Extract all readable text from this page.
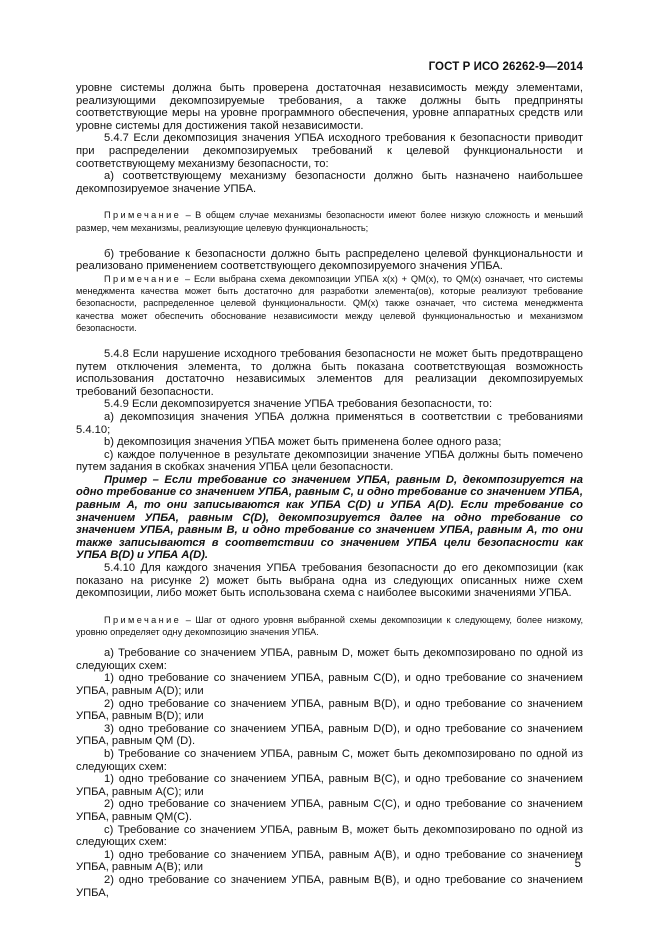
ГОСТ Р ИСО 26262-9—2014

уровне системы должна быть проверена достаточная независимость между элементами, реализующими декомпозируемые требования, а также должны быть предприняты соответствующие меры на уровне программного обеспечения, уровне аппаратных средств или уровне системы для достижения такой независимости.

5.4.7 Если декомпозиция значения УПБА исходного требования к безопасности приводит при распределении декомпозируемых требований к целевой функциональности и соответствующему механизму безопасности, то:

а) соответствующему механизму безопасности должно быть назначено наибольшее декомпозируемое значение УПБА.

Примечание – В общем случае механизмы безопасности имеют более низкую сложность и меньший размер, чем механизмы, реализующие целевую функциональность;

б) требование к безопасности должно быть распределено целевой функциональности и реализовано применением соответствующего декомпозируемого значения УПБА.

Примечание – Если выбрана схема декомпозиции УПБА x(x) + QM(x), то QM(x) означает, что системы менеджмента качества может быть достаточно для разработки элемента(ов), которые реализуют требование безопасности, распределенное целевой функциональности. QM(x) также означает, что система менеджмента качества может обеспечить обоснование независимости между целевой функциональностью и механизмом безопасности.

5.4.8 Если нарушение исходного требования безопасности не может быть предотвращено путем отключения элемента, то должна быть показана соответствующая возможность использования достаточно независимых элементов для реализации декомпозируемых требований безопасности.

5.4.9 Если декомпозируется значение УПБА требования безопасности, то:

а) декомпозиция значения УПБА должна применяться в соответствии с требованиями 5.4.10;

b) декомпозиция значения УПБА может быть применена более одного раза;

с) каждое полученное в результате декомпозиции значение УПБА должны быть помечено путем задания в скобках значения УПБА цели безопасности.

Пример – Если требование со значением УПБА, равным D, декомпозируется на одно требование со значением УПБА, равным С, и одно требование со значением УПБА, равным А, то они записываются как УПБА C(D) и УПБА A(D). Если требование со значением УПБА, равным C(D), декомпозируется далее на одно требование со значением УПБА, равным В, и одно требование со значением УПБА, равным А, то они также записываются в соответствии со значением УПБА цели безопасности как УПБА B(D) и УПБА A(D).

5.4.10 Для каждого значения УПБА требования безопасности до его декомпозиции (как показано на рисунке 2) может быть выбрана одна из следующих описанных ниже схем декомпозиции, либо может быть использована схема с наиболее высокими значениями УПБА.

Примечание – Шаг от одного уровня выбранной схемы декомпозиции к следующему, более низкому, уровню определяет одну декомпозицию значения УПБА.

а) Требование со значением УПБА, равным D, может быть декомпозировано по одной из следующих схем:

1) одно требование со значением УПБА, равным C(D), и одно требование со значением УПБА, равным A(D); или

2) одно требование со значением УПБА, равным B(D), и одно требование со значением УПБА, равным B(D); или

3) одно требование со значением УПБА, равным D(D), и одно требование со значением УПБА, равным QM (D).

b) Требование со значением УПБА, равным С, может быть декомпозировано по одной из следующих схем:

1) одно требование со значением УПБА, равным B(C), и одно требование со значением УПБА, равным A(C); или

2) одно требование со значением УПБА, равным C(C), и одно требование со значением УПБА, равным QM(C).

с) Требование со значением УПБА, равным В, может быть декомпозировано по одной из следующих схем:

1) одно требование со значением УПБА, равным A(B), и одно требование со значением УПБА, равным A(B); или

2) одно требование со значением УПБА, равным B(B), и одно требование со значением УПБА,

5
